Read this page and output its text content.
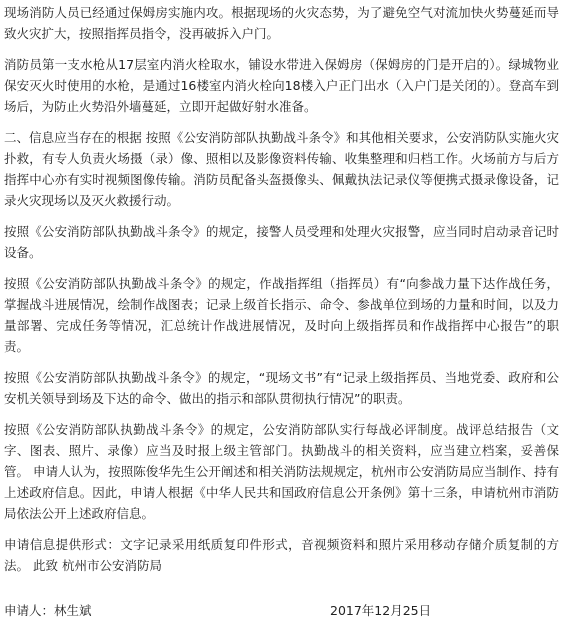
现场消防人员已经通过保姆房实施内攻。根据现场的火灾态势，为了避免空气对流加快火势蔓延而导致火灾扩大，按照指挥员指令，没再破拆入户门。

消防员第一支水枪从17层室内消火栓取水，铺设水带进入保姆房（保姆房的门是开启的）。绿城物业保安灭火时使用的水枪，是通过16楼室内消火栓向18楼入户正门出水（入户门是关闭的）。登高车到场后，为防止火势沿外墙蔓延，立即开起做好射水准备。

二、信息应当存在的根据 按照《公安消防部队执勤战斗条令》和其他相关要求，公安消防队实施火灾扑救，有专人负责火场摄（录）像、照相以及影像资料传输、收集整理和归档工作。火场前方与后方指挥中心亦有实时视频图像传输。消防员配备头盔摄像头、佩戴执法记录仪等便携式摄录像设备，记录火灾现场以及灭火救援行动。

按照《公安消防部队执勤战斗条令》的规定，接警人员受理和处理火灾报警，应当同时启动录音记时设备。

按照《公安消防部队执勤战斗条令》的规定，作战指挥组（指挥员）有“向参战力量下达作战任务，掌握战斗进展情况，绘制作战图表；记录上级首长指示、命令、参战单位到场的力量和时间，以及力量部署、完成任务等情况，汇总统计作战进展情况，及时向上级指挥员和作战指挥中心报告”的职责。

按照《公安消防部队执勤战斗条令》的规定，“现场文书”有“记录上级指挥员、当地党委、政府和公安机关领导到场及下达的命令、做出的指示和部队贯彻执行情况”的职责。

按照《公安消防部队执勤战斗条令》的规定，公安消防部队实行每战必评制度。战评总结报告（文字、图表、照片、录像）应当及时报上级主管部门。执勤战斗的相关资料，应当建立档案，妥善保管。 申请人认为，按照陈俊华先生公开阐述和相关消防法规规定，杭州市公安消防局应当制作、持有上述政府信息。因此，申请人根据《中华人民共和国政府信息公开条例》第十三条，申请杭州市消防局依法公开上述政府信息。

申请信息提供形式：文字记录采用纸质复印件形式，音视频资料和照片采用移动存储介质复制的方法。 此致 杭州市公安消防局

申请人：林生斌	2017年12月25日
